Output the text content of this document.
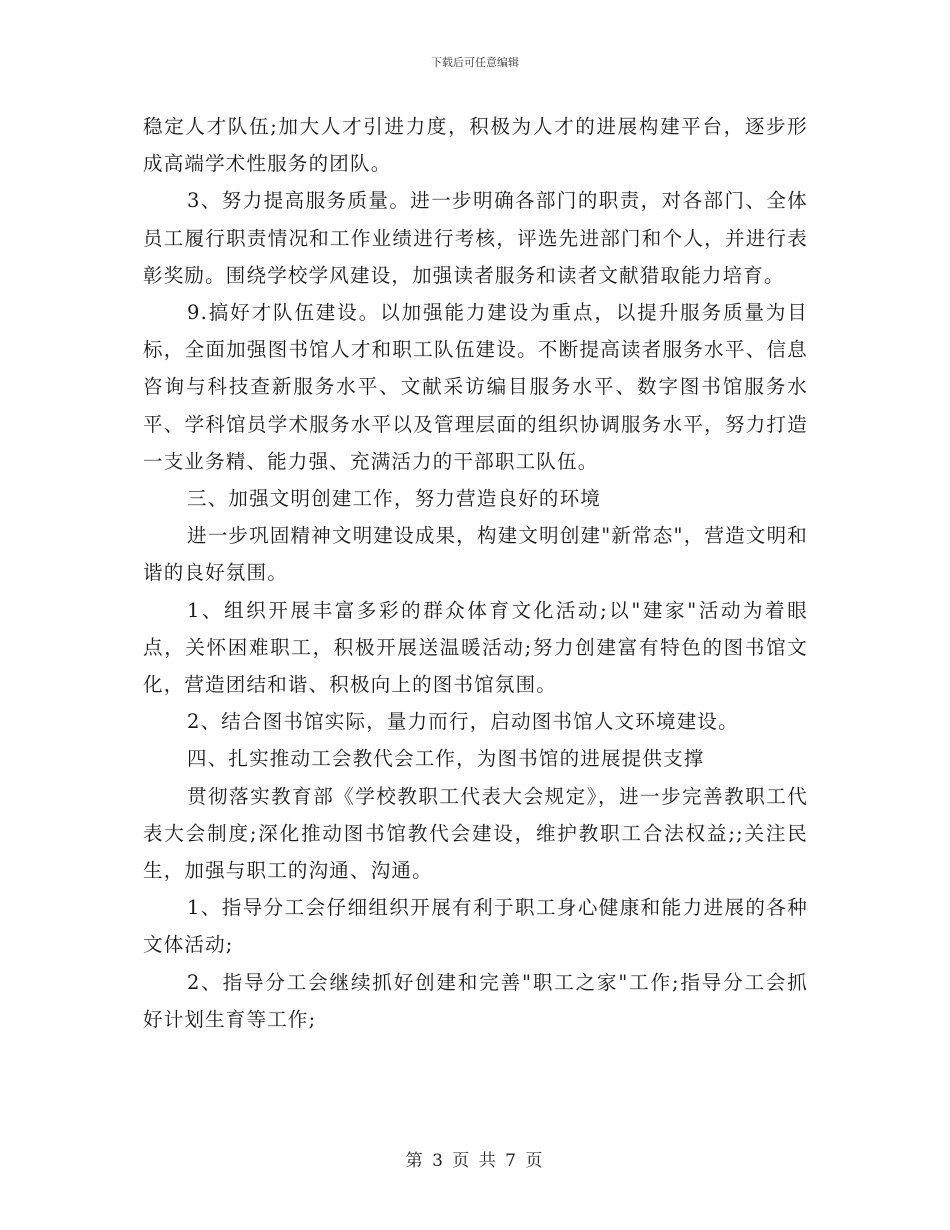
下载后可任意编辑

稳定人才队伍;加大人才引进力度，积极为人才的进展构建平台，逐步形成高端学术性服务的团队。

3、努力提高服务质量。进一步明确各部门的职责，对各部门、全体员工履行职责情况和工作业绩进行考核，评选先进部门和个人，并进行表彰奖励。围绕学校学风建设，加强读者服务和读者文献猎取能力培育。

9.搞好才队伍建设。以加强能力建设为重点，以提升服务质量为目标，全面加强图书馆人才和职工队伍建设。不断提高读者服务水平、信息咨询与科技查新服务水平、文献采访编目服务水平、数字图书馆服务水平、学科馆员学术服务水平以及管理层面的组织协调服务水平，努力打造一支业务精、能力强、充满活力的干部职工队伍。

三、加强文明创建工作，努力营造良好的环境

进一步巩固精神文明建设成果，构建文明创建"新常态"，营造文明和谐的良好氛围。

1、组织开展丰富多彩的群众体育文化活动;以"建家"活动为着眼点，关怀困难职工，积极开展送温暖活动;努力创建富有特色的图书馆文化，营造团结和谐、积极向上的图书馆氛围。

2、结合图书馆实际，量力而行，启动图书馆人文环境建设。

四、扎实推动工会教代会工作，为图书馆的进展提供支撑

贯彻落实教育部《学校教职工代表大会规定》，进一步完善教职工代表大会制度;深化推动图书馆教代会建设，维护教职工合法权益;;关注民生，加强与职工的沟通、沟通。

1、指导分工会仔细组织开展有利于职工身心健康和能力进展的各种文体活动;

2、指导分工会继续抓好创建和完善"职工之家"工作;指导分工会抓好计划生育等工作;

第 3 页 共 7 页
